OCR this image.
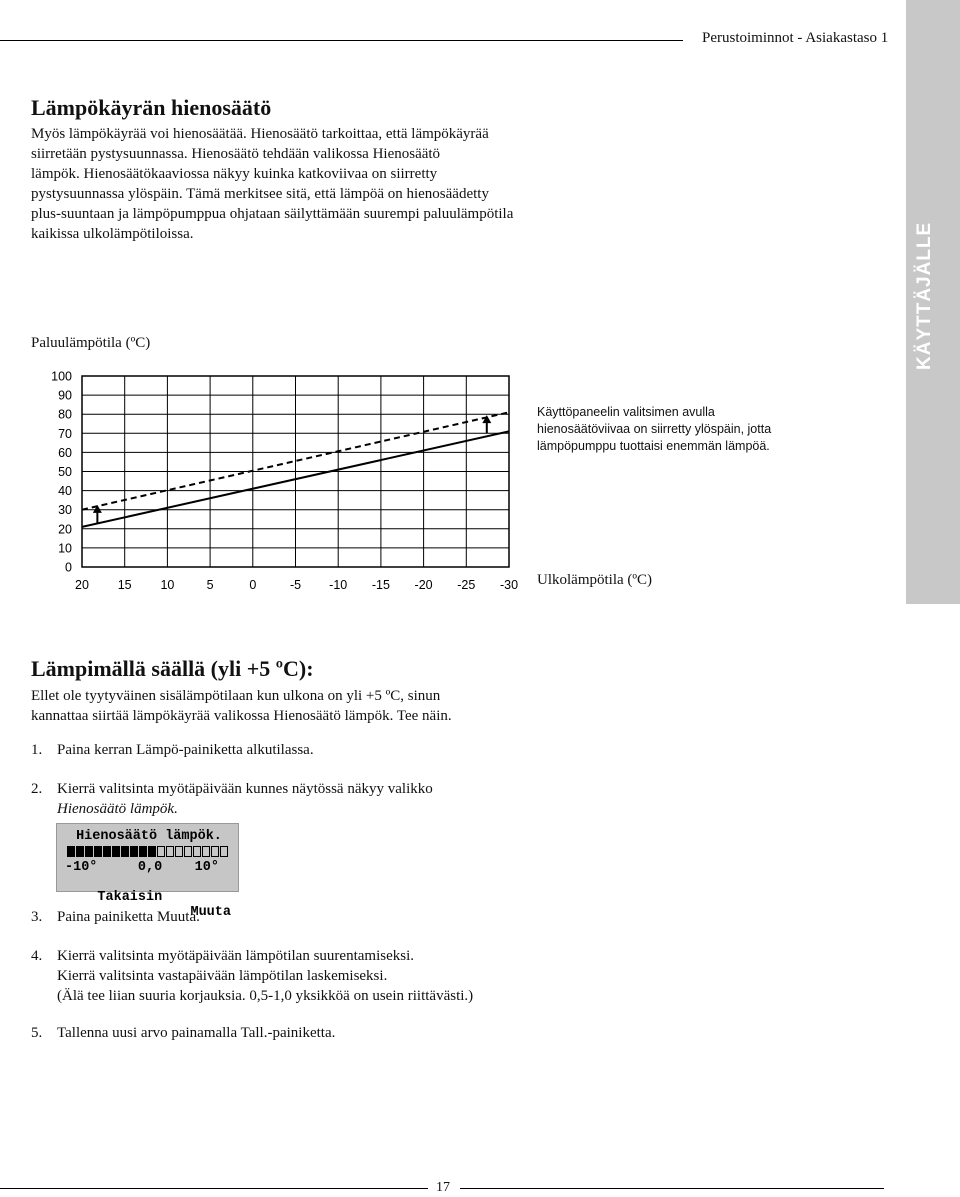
Perustoiminnot - Asiakastaso 1
KÄYTTÄJÄLLE
Lämpökäyrän hienosäätö

Myös lämpökäyrää voi hienosäätää. Hienosäätö tarkoittaa, että lämpökäyrää

siirretään pystysuunnassa. Hienosäätö tehdään valikossa Hienosäätö

lämpök. Hienosäätökaaviossa näkyy kuinka katkoviivaa on siirretty

pystysuunnassa ylöspäin. Tämä merkitsee sitä, että lämpöä on hienosäädetty

plus-suuntaan ja lämpöpumppua ohjataan säilyttämään suurempi paluulämpötila

kaikissa ulkolämpötiloissa.

Paluulämpötila (ºC)
100
90
80
70
60
50
40
30
20
10
0
20 15 10	5	0	-5 -10 -15 -20 -25 -30
Käyttöpaneelin valitsimen avulla hienosäätöviivaa on siirretty ylöspäin, jotta lämpöpumppu tuottaisi enemmän lämpöä.
Ulkolämpötila (ºC)
Lämpimällä säällä (yli +5 ºC):
Ellet ole tyytyväinen sisälämpötilaan kun ulkona on yli +5 ºC, sinun
kannattaa siirtää lämpökäyrää valikossa Hienosäätö lämpök. Tee näin.
1. Paina kerran Lämpö-painiketta alkutilassa.
2. Kierrä valitsinta myötäpäivään kunnes näytössä näkyy valikko
Hienosäätö lämpök.
Hienosäätö lämpök.
-10°     0,0    10°

Takaisin

Muuta

3. Paina painiketta Muuta.
4. Kierrä valitsinta myötäpäivään lämpötilan suurentamiseksi.
Kierrä valitsinta vastapäivään lämpötilan laskemiseksi.
(Älä tee liian suuria korjauksia. 0,5-1,0 yksikköä on usein riittävästi.)
5. Tallenna uusi arvo painamalla Tall.-painiketta.
17
